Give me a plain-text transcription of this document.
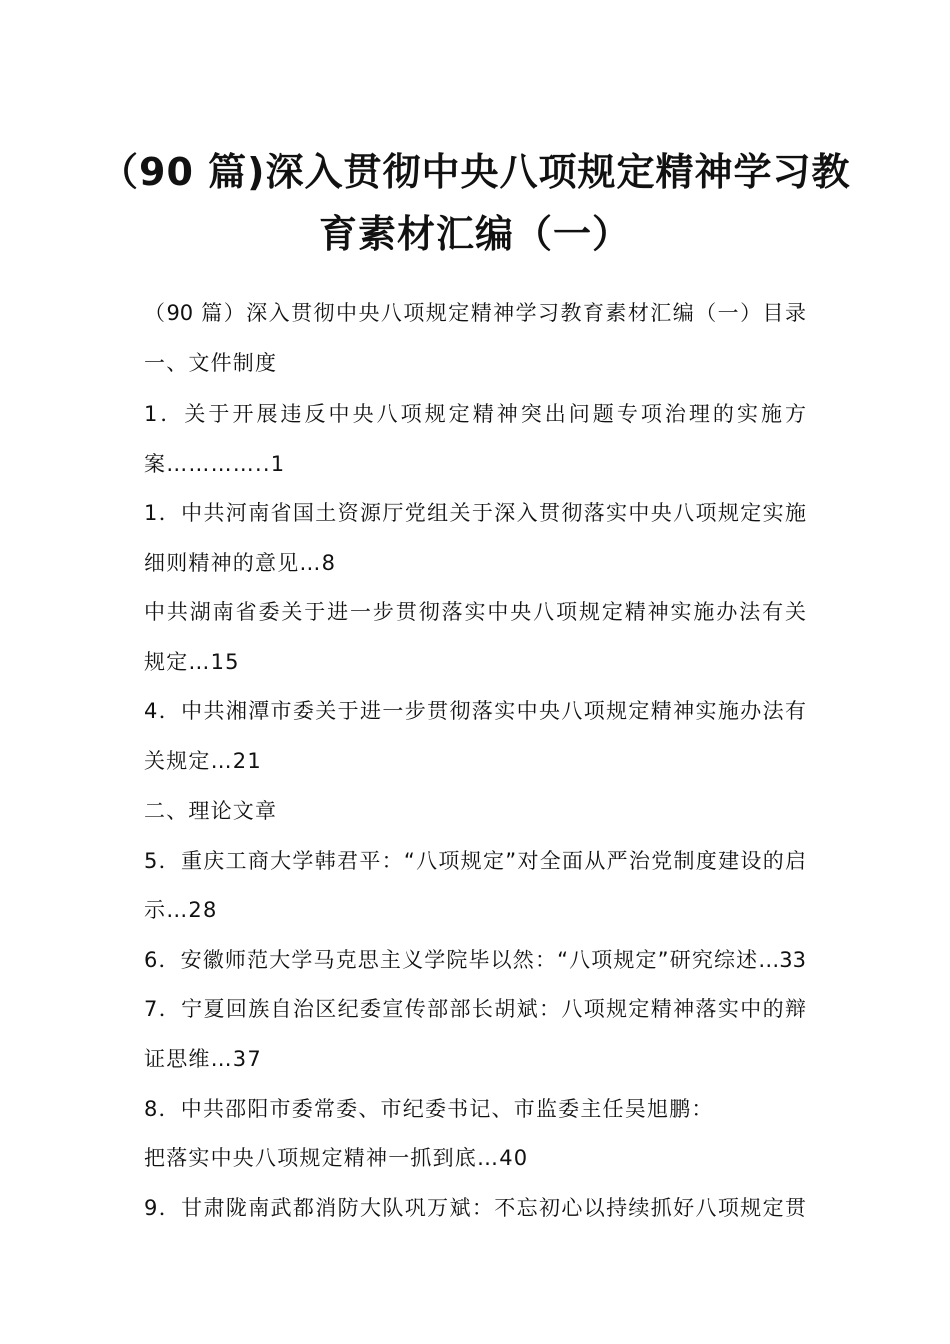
（90 篇)深入贯彻中央八项规定精神学习教
育素材汇编（一）
（90 篇）深入贯彻中央八项规定精神学习教育素材汇编（一）目录
一、文件制度
1．关于开展违反中央八项规定精神突出问题专项治理的实施方
案…………..1
1．中共河南省国土资源厅党组关于深入贯彻落实中央八项规定实施
细则精神的意见…8
中共湖南省委关于进一步贯彻落实中央八项规定精神实施办法有关
规定…15
4．中共湘潭市委关于进一步贯彻落实中央八项规定精神实施办法有
关规定…21
二、理论文章
5．重庆工商大学韩君平：“八项规定”对全面从严治党制度建设的启
示…28
6．安徽师范大学马克思主义学院毕以然：“八项规定”研究综述…33
7．宁夏回族自治区纪委宣传部部长胡斌：八项规定精神落实中的辩
证思维…37
8．中共邵阳市委常委、市纪委书记、市监委主任吴旭鹏：
把落实中央八项规定精神一抓到底…40
9．甘肃陇南武都消防大队巩万斌：不忘初心以持续抓好八项规定贯
